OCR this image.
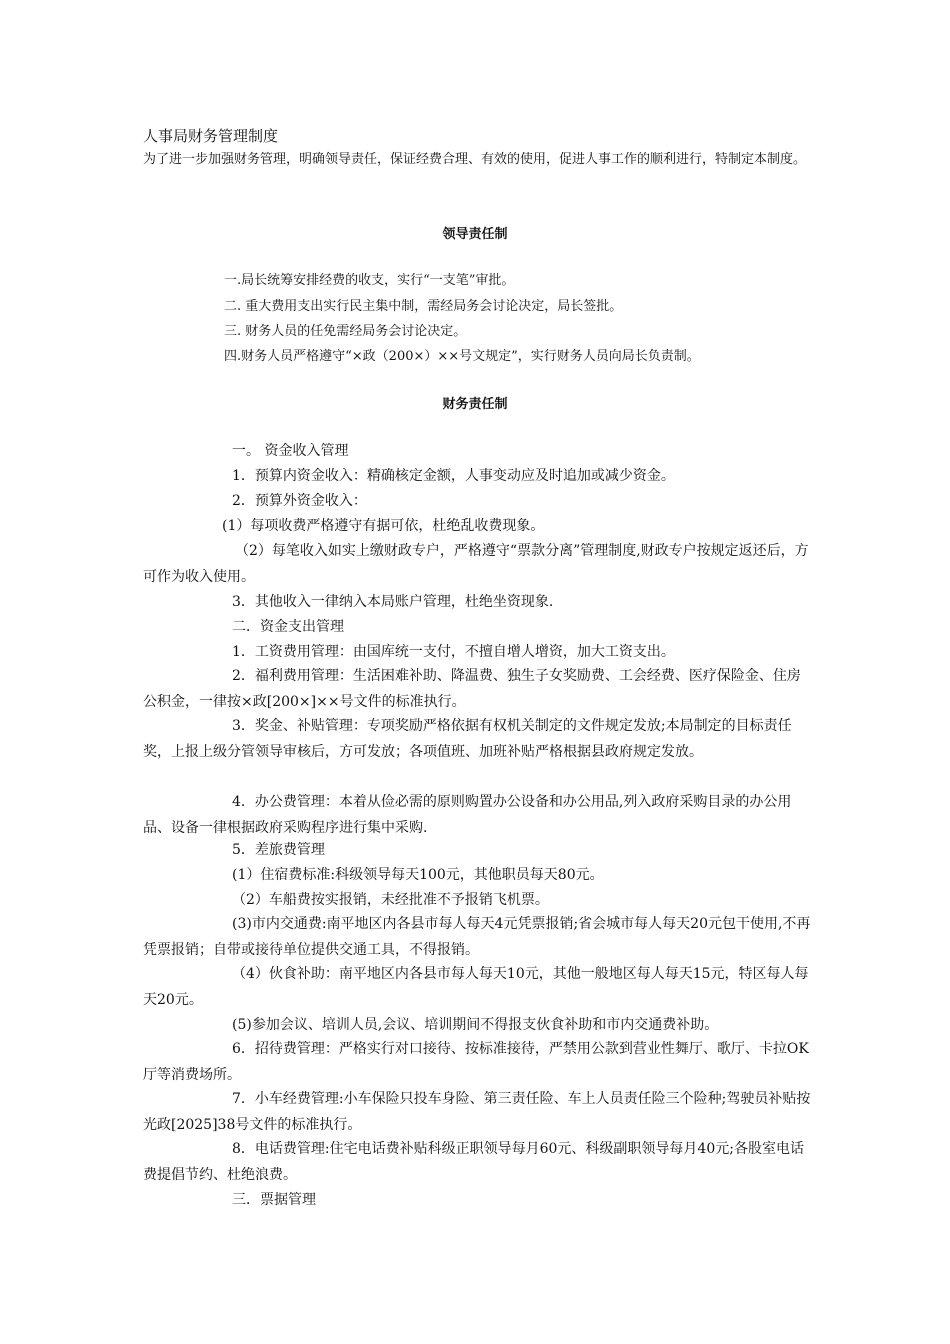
人事局财务管理制度

为了进一步加强财务管理，明确领导责任，保证经费合理、有效的使用，促进人事工作的顺利进行，特制定本制度。

领导责任制
一.局长统筹安排经费的收支，实行“一支笔”审批。
二. 重大费用支出实行民主集中制，需经局务会讨论决定，局长签批。
三. 财务人员的任免需经局务会讨论决定。
四.财务人员严格遵守“×政（200×）××号文规定”，实行财务人员向局长负责制。
财务责任制
一。 资金收入管理
1．预算内资金收入：精确核定金额，人事变动应及时追加或减少资金。
2．预算外资金收入：
(1）每项收费严格遵守有据可依，杜绝乱收费现象。

（2）每笔收入如实上缴财政专户，严格遵守“票款分离”管理制度,财政专户按规定返还后，方可作为收入使用。

3．其他收入一律纳入本局账户管理，杜绝坐资现象.
二．资金支出管理
1．工资费用管理：由国库统一支付，不擅自增人增资，加大工资支出。

2．福利费用管理：生活困难补助、降温费、独生子女奖励费、工会经费、医疗保险金、住房公积金，一律按×政[200×]××号文件的标准执行。

3．奖金、补贴管理：专项奖励严格依据有权机关制定的文件规定发放;本局制定的目标责任奖，上报上级分管领导审核后，方可发放；各项值班、加班补贴严格根据县政府规定发放。

4．办公费管理：本着从俭必需的原则购置办公设备和办公用品,列入政府采购目录的办公用品、设备一律根据政府采购程序进行集中采购.

5．差旅费管理
(1）住宿费标准:科级领导每天100元，其他职员每天80元。
（2）车船费按实报销，未经批准不予报销飞机票。

(3)市内交通费:南平地区内各县市每人每天4元凭票报销;省会城市每人每天20元包干使用,不再凭票报销；自带或接待单位提供交通工具，不得报销。

（4）伙食补助：南平地区内各县市每人每天10元，其他一般地区每人每天15元，特区每人每天20元。

(5)参加会议、培训人员,会议、培训期间不得报支伙食补助和市内交通费补助。

6．招待费管理：严格实行对口接待、按标准接待，严禁用公款到营业性舞厅、歌厅、卡拉OK厅等消费场所。

7．小车经费管理:小车保险只投车身险、第三责任险、车上人员责任险三个险种;驾驶员补贴按光政[2025]38号文件的标准执行。

8．电话费管理:住宅电话费补贴科级正职领导每月60元、科级副职领导每月40元;各股室电话费提倡节约、杜绝浪费。

三．票据管理
